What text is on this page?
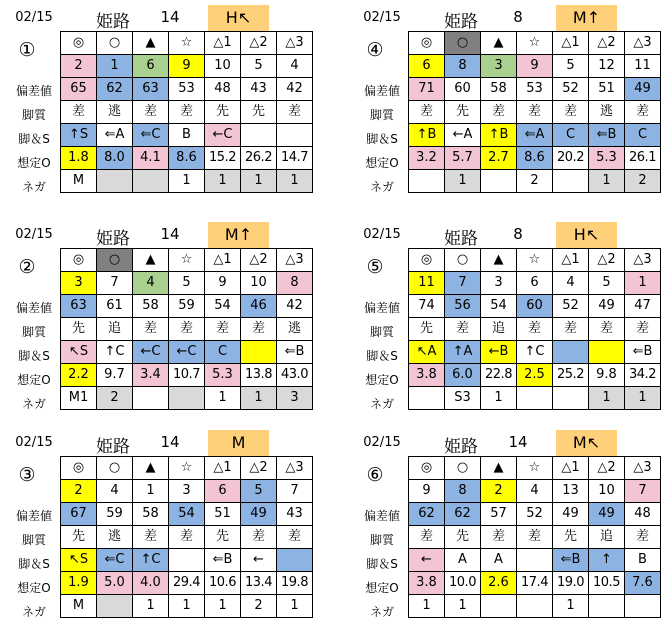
02/15	姫路	14	H↖
①
偏差値
脚質
脚＆S
想定O
ネガ
◎	○	▲	☆	△1	△2	△3
2	1	6	9	10	5	4
65	62	63	53	48	43	42
差	逃	差	差	先	先	差
↑S	⇐A	⇐C	B	←C		
1.8	8.0	4.1	8.6	15.2	26.2	14.7
M			1	1	1	1
02/15	姫路	8	M↑
④
偏差値
脚質
脚＆S
想定O
ネガ
◎	○	▲	☆	△1	△2	△3
6	8	3	9	5	12	11
71	60	58	53	52	51	49
差	先	差	差	差	逃	差
↑B	←A	↑B	⇐A	C	⇐B	C
3.2	5.7	2.7	8.6	20.2	5.3	26.1
	1		2		1	2
02/15	姫路	14	M↑
②
偏差値
脚質
脚＆S
想定O
ネガ
◎	○	▲	☆	△1	△2	△3
3	7	4	5	9	10	8
63	61	58	59	54	46	42
先	追	差	差	差	差	逃
↖S	↑C	←C	←C	C		⇐B
2.2	9.7	3.4	10.7	5.3	13.8	43.0
M1	2			1	1	3
02/15	姫路	8	H↖
⑤
偏差値
脚質
脚＆S
想定O
ネガ
◎	○	▲	☆	△1	△2	△3
11	7	3	6	4	5	1
74	56	54	60	52	49	47
先	差	追	差	差	差	差
↖A	↑A	←B	↑C			⇐B
3.8	6.0	22.8	2.5	25.2	9.8	34.2
	S3	1			1	1
02/15	姫路	14	M
③
偏差値
脚質
脚＆S
想定O
ネガ
◎	○	▲	☆	△1	△2	△3
2	4	1	3	6	5	7
67	59	58	54	51	49	43
先	逃	差	差	先	差	差
↖S	⇐C	↑C		⇐B	←	
1.9	5.0	4.0	29.4	10.6	13.4	19.8
M		1	1	1	2	1
02/15	姫路	14	M↖
⑥
偏差値
脚質
脚＆S
想定O
ネガ
◎	○	▲	☆	△1	△2	△3
9	8	2	4	13	10	7
62	62	57	52	49	49	48
差	先	差	差	先	追	差
←	A	A		⇐B	↑	B
3.8	10.0	2.6	17.4	19.0	10.5	7.6
1	1			1		
